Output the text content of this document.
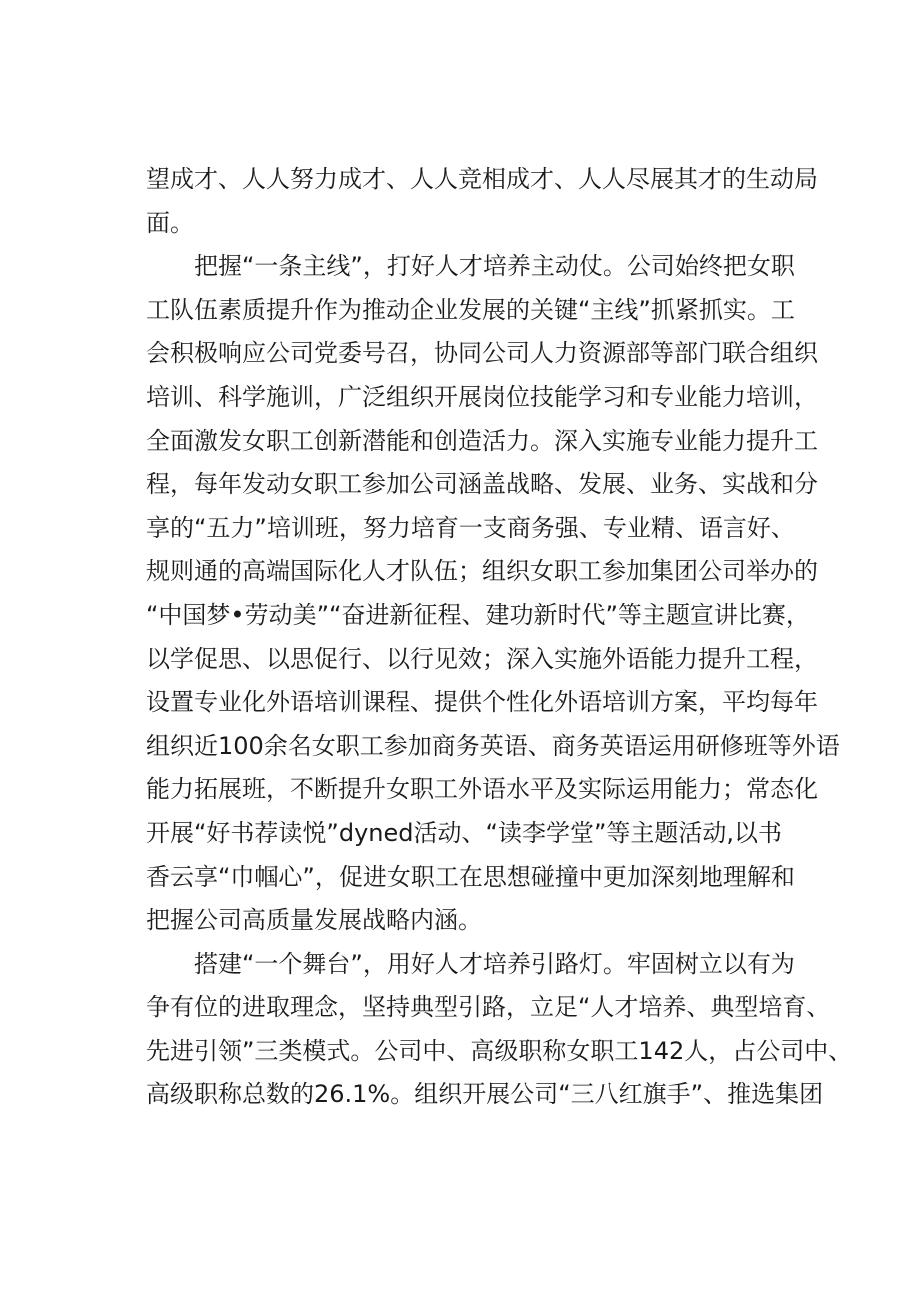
望成才、人人努力成才、人人竞相成才、人人尽展其才的生动局
面。
把握“一条主线”，打好人才培养主动仗。公司始终把女职
工队伍素质提升作为推动企业发展的关键“主线”抓紧抓实。工
会积极响应公司党委号召，协同公司人力资源部等部门联合组织
培训、科学施训，广泛组织开展岗位技能学习和专业能力培训，
全面激发女职工创新潜能和创造活力。深入实施专业能力提升工
程，每年发动女职工参加公司涵盖战略、发展、业务、实战和分
享的“五力”培训班，努力培育一支商务强、专业精、语言好、
规则通的高端国际化人才队伍；组织女职工参加集团公司举办的
“中国梦•劳动美”“奋进新征程、建功新时代”等主题宣讲比赛，
以学促思、以思促行、以行见效；深入实施外语能力提升工程，
设置专业化外语培训课程、提供个性化外语培训方案，平均每年
组织近100余名女职工参加商务英语、商务英语运用研修班等外语
能力拓展班，不断提升女职工外语水平及实际运用能力；常态化
开展“好书荐读悦”dyned活动、“读李学堂”等主题活动,以书
香云享“巾帼心”，促进女职工在思想碰撞中更加深刻地理解和
把握公司高质量发展战略内涵。
搭建“一个舞台”，用好人才培养引路灯。牢固树立以有为
争有位的进取理念，坚持典型引路，立足“人才培养、典型培育、
先进引领”三类模式。公司中、高级职称女职工142人，占公司中、
高级职称总数的26.1%。组织开展公司“三八红旗手”、推选集团
